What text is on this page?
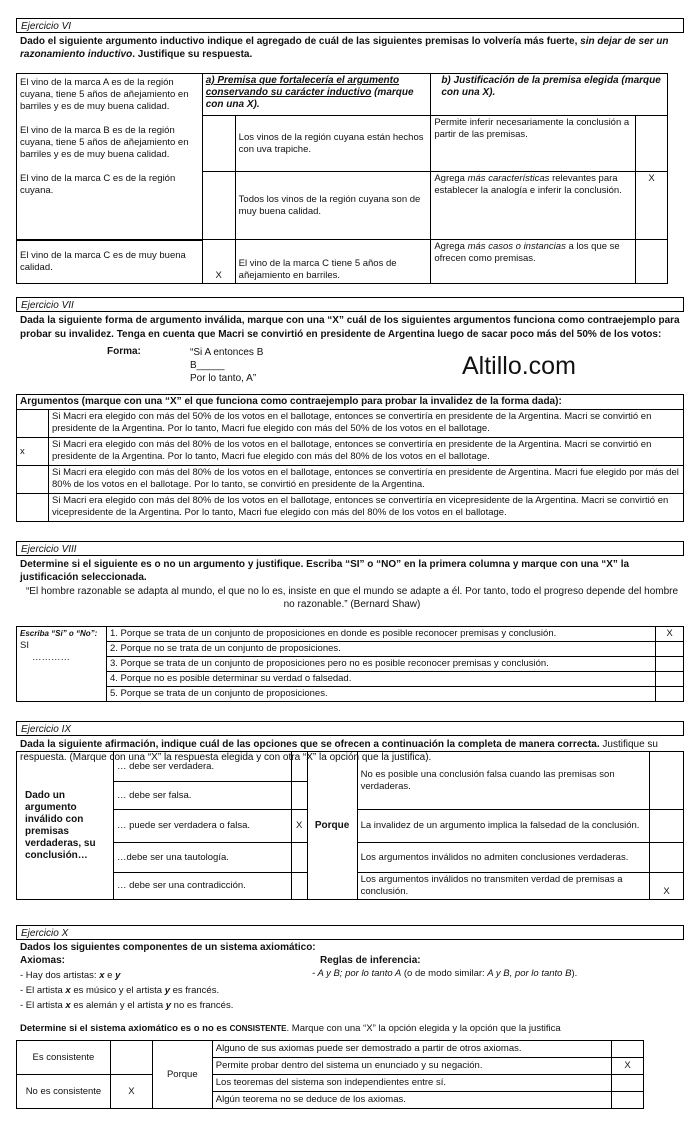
Ejercicio VI
Dado el siguiente argumento inductivo indique el agregado de cuál de las siguientes premisas lo volvería más fuerte, sin dejar de ser un razonamiento inductivo. Justifique su respuesta.
El vino de la marca A es de la región cuyana, tiene 5 años de añejamiento en barriles y es de muy buena calidad.
El vino de la marca B es de la región cuyana, tiene 5 años de añejamiento en barriles y es de muy buena calidad.
El vino de la marca C es de la región cuyana.	a) Premisa que fortalecería el argumento conservando su carácter inductivo (marque con una X).		b) Justificación de la premisa elegida (marque con una X).	
		Los vinos de la región cuyana están hechos con uva trapiche.	Permite inferir necesariamente la conclusión a partir de las premisas.	
		Todos los vinos de la región cuyana son de muy buena calidad.	Agrega más características relevantes para establecer la analogía e inferir la conclusión.	X
El vino de la marca C es de muy buena calidad.	X	El vino de la marca C tiene 5 años de añejamiento en barriles.	Agrega más casos o instancias a los que se ofrecen como premisas.	
Ejercicio VII
Dada la siguiente forma de argumento inválida, marque con una “X” cuál de los siguientes argumentos funciona como contraejemplo para probar su invalidez. Tenga en cuenta que Macri se convirtió en presidente de Argentina luego de sacar poco más del 50% de los votos:
Forma:	“Si A entonces B
B_____
Por lo tanto, A”	Altillo.com
Argumentos (marque con una “X” el que funciona como contraejemplo para probar la invalidez de la forma dada):	
	Si Macri era elegido con más del 50% de los votos en el ballotage, entonces se convertiría en presidente de la Argentina. Macri se convirtió en presidente de la Argentina. Por lo tanto, Macri fue elegido con más del 50% de los votos en el ballotage.
x	Si Macri era elegido con más del 80% de los votos en el ballotage, entonces se convertiría en presidente de la Argentina. Macri se convirtió en presidente de la Argentina. Por lo tanto, Macri fue elegido con más del 80% de los votos en el ballotage.
	Si Macri era elegido con más del 80% de los votos en el ballotage, entonces se convertiría en presidente de Argentina. Macri fue elegido por más del 80% de los votos en el ballotage. Por lo tanto, se convirtió en presidente de la Argentina.
	Si Macri era elegido con más del 80% de los votos en el ballotage, entonces se convertiría en vicepresidente de la Argentina. Macri se convirtió en vicepresidente de la Argentina. Por lo tanto, Macri fue elegido con más del 80% de los votos en el ballotage.
Ejercicio VIII
Determine si el siguiente es o no un argumento y justifique. Escriba “SI” o “NO” en la primera columna y marque con una “X” la justificación seleccionada.
“El hombre razonable se adapta al mundo, el que no lo es, insiste en que el mundo se adapte a él. Por tanto, todo el progreso depende del hombre no razonable.” (Bernard Shaw)
Escriba “Si” o “No”:
SI
…………	1. Porque se trata de un conjunto de proposiciones en donde es posible reconocer premisas y conclusión.	X
	2. Porque no se trata de un conjunto de proposiciones.	
	3. Porque se trata de un conjunto de proposiciones pero no es posible reconocer premisas y conclusión.	
	4. Porque no es posible determinar su verdad o falsedad.	
	5. Porque se trata de un conjunto de proposiciones.	
Ejercicio IX
Dada la siguiente afirmación, indique cuál de las opciones que se ofrecen a continuación la completa de manera correcta. Justifique su respuesta. (Marque con una “X” la respuesta elegida y con otra “X” la opción que la justifica).
Dado un argumento inválido con premisas verdaderas, su conclusión…	… debe ser verdadera.		Porque	No es posible una conclusión falsa cuando las premisas son verdaderas.	
	… debe ser falsa.				
	… puede ser verdadera o falsa.	X		La invalidez de un argumento implica la falsedad de la conclusión.	
	…debe ser una tautología.			Los argumentos inválidos no admiten conclusiones verdaderas.	
	… debe ser una contradicción.			Los argumentos inválidos no transmiten verdad de premisas a conclusión.	X
Ejercicio X
Dados los siguientes componentes de un sistema axiomático:
Axiomas:	Reglas de inferencia:
- Hay dos artistas: x e y
- El artista x es músico y el artista y es francés.
- El artista x es alemán y el artista y no es francés.
- A y B; por lo tanto A (o de modo similar: A y B, por lo tanto B).
Determine si el sistema axiomático es o no es CONSISTENTE. Marque con una “X” la opción elegida y la opción que la justifica
Es consistente		Porque	Alguno de sus axiomas puede ser demostrado a partir de otros axiomas.	
			Permite probar dentro del sistema un enunciado y su negación.	X
No es consistente	X		Los teoremas del sistema son independientes entre sí.	
			Algún teorema no se deduce de los axiomas.	
